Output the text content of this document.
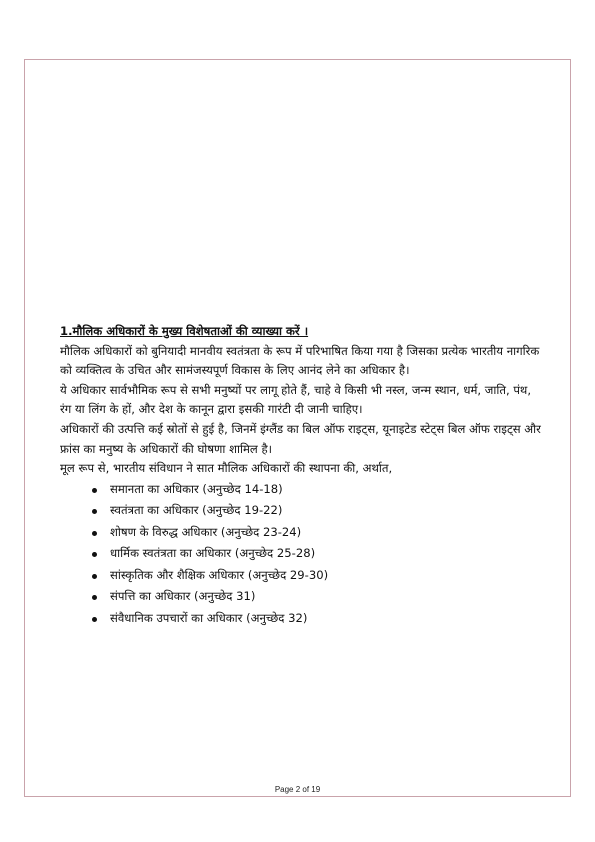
1.मौलिक अधिकारों के मुख्य विशेषताओं की व्याख्या करें ।

मौलिक अधिकारों को बुनियादी मानवीय स्वतंत्रता के रूप में परिभाषित किया गया है जिसका प्रत्येक भारतीय नागरिक को व्यक्तित्व के उचित और सामंजस्यपूर्ण विकास के लिए आनंद लेने का अधिकार है।

ये अधिकार सार्वभौमिक रूप से सभी मनुष्यों पर लागू होते हैं, चाहे वे किसी भी नस्ल, जन्म स्थान, धर्म, जाति, पंथ, रंग या लिंग के हों, और देश के कानून द्वारा इसकी गारंटी दी जानी चाहिए।

अधिकारों की उत्पत्ति कई स्रोतों से हुई है, जिनमें इंग्लैंड का बिल ऑफ राइट्स, यूनाइटेड स्टेट्स बिल ऑफ राइट्स और फ्रांस का मनुष्य के अधिकारों की घोषणा शामिल है।

मूल रूप से, भारतीय संविधान ने सात मौलिक अधिकारों की स्थापना की, अर्थात,

समानता का अधिकार (अनुच्छेद 14-18)
स्वतंत्रता का अधिकार (अनुच्छेद 19-22)
शोषण के विरुद्ध अधिकार (अनुच्छेद 23-24)
धार्मिक स्वतंत्रता का अधिकार (अनुच्छेद 25-28)
सांस्कृतिक और शैक्षिक अधिकार (अनुच्छेद 29-30)
संपत्ति का अधिकार (अनुच्छेद 31)
संवैधानिक उपचारों का अधिकार (अनुच्छेद 32)
Page 2 of 19
